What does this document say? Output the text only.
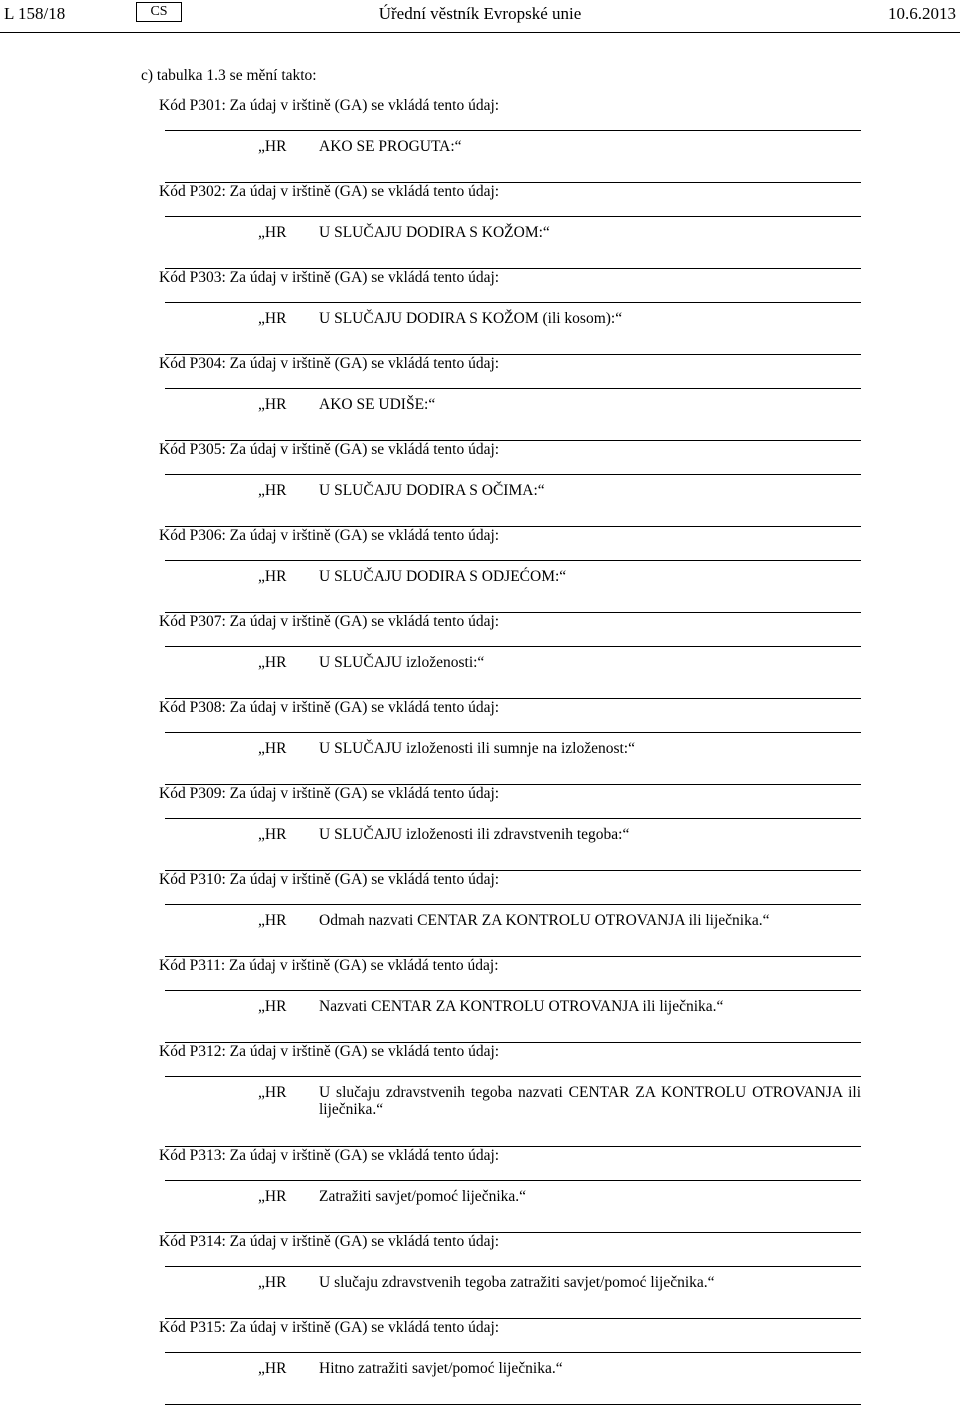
L 158/18	CS	Úřední věstník Evropské unie	10.6.2013
c) tabulka 1.3 se mění takto:
Kód P301: Za údaj v irštině (GA) se vkládá tento údaj:
„HR AKO SE PROGUTA:“
Kód P302: Za údaj v irštině (GA) se vkládá tento údaj:
„HR U SLUČAJU DODIRA S KOŽOM:“
Kód P303: Za údaj v irštině (GA) se vkládá tento údaj:
„HR U SLUČAJU DODIRA S KOŽOM (ili kosom):“
Kód P304: Za údaj v irštině (GA) se vkládá tento údaj:
„HR AKO SE UDIŠE:“
Kód P305: Za údaj v irštině (GA) se vkládá tento údaj:
„HR U SLUČAJU DODIRA S OČIMA:“
Kód P306: Za údaj v irštině (GA) se vkládá tento údaj:
„HR U SLUČAJU DODIRA S ODJEĆOM:“
Kód P307: Za údaj v irštině (GA) se vkládá tento údaj:
„HR U SLUČAJU izloženosti:“
Kód P308: Za údaj v irštině (GA) se vkládá tento údaj:
„HR U SLUČAJU izloženosti ili sumnje na izloženost:“
Kód P309: Za údaj v irštině (GA) se vkládá tento údaj:
„HR U SLUČAJU izloženosti ili zdravstvenih tegoba:“
Kód P310: Za údaj v irštině (GA) se vkládá tento údaj:
„HR Odmah nazvati CENTAR ZA KONTROLU OTROVANJA ili liječnika.“
Kód P311: Za údaj v irštině (GA) se vkládá tento údaj:
„HR Nazvati CENTAR ZA KONTROLU OTROVANJA ili liječnika.“
Kód P312: Za údaj v irštině (GA) se vkládá tento údaj:
„HR U slučaju zdravstvenih tegoba nazvati CENTAR ZA KONTROLU OTROVANJA ili liječnika.“
Kód P313: Za údaj v irštině (GA) se vkládá tento údaj:
„HR Zatražiti savjet/pomoć liječnika.“
Kód P314: Za údaj v irštině (GA) se vkládá tento údaj:
„HR U slučaju zdravstvenih tegoba zatražiti savjet/pomoć liječnika.“
Kód P315: Za údaj v irštině (GA) se vkládá tento údaj:
„HR Hitno zatražiti savjet/pomoć liječnika.“
